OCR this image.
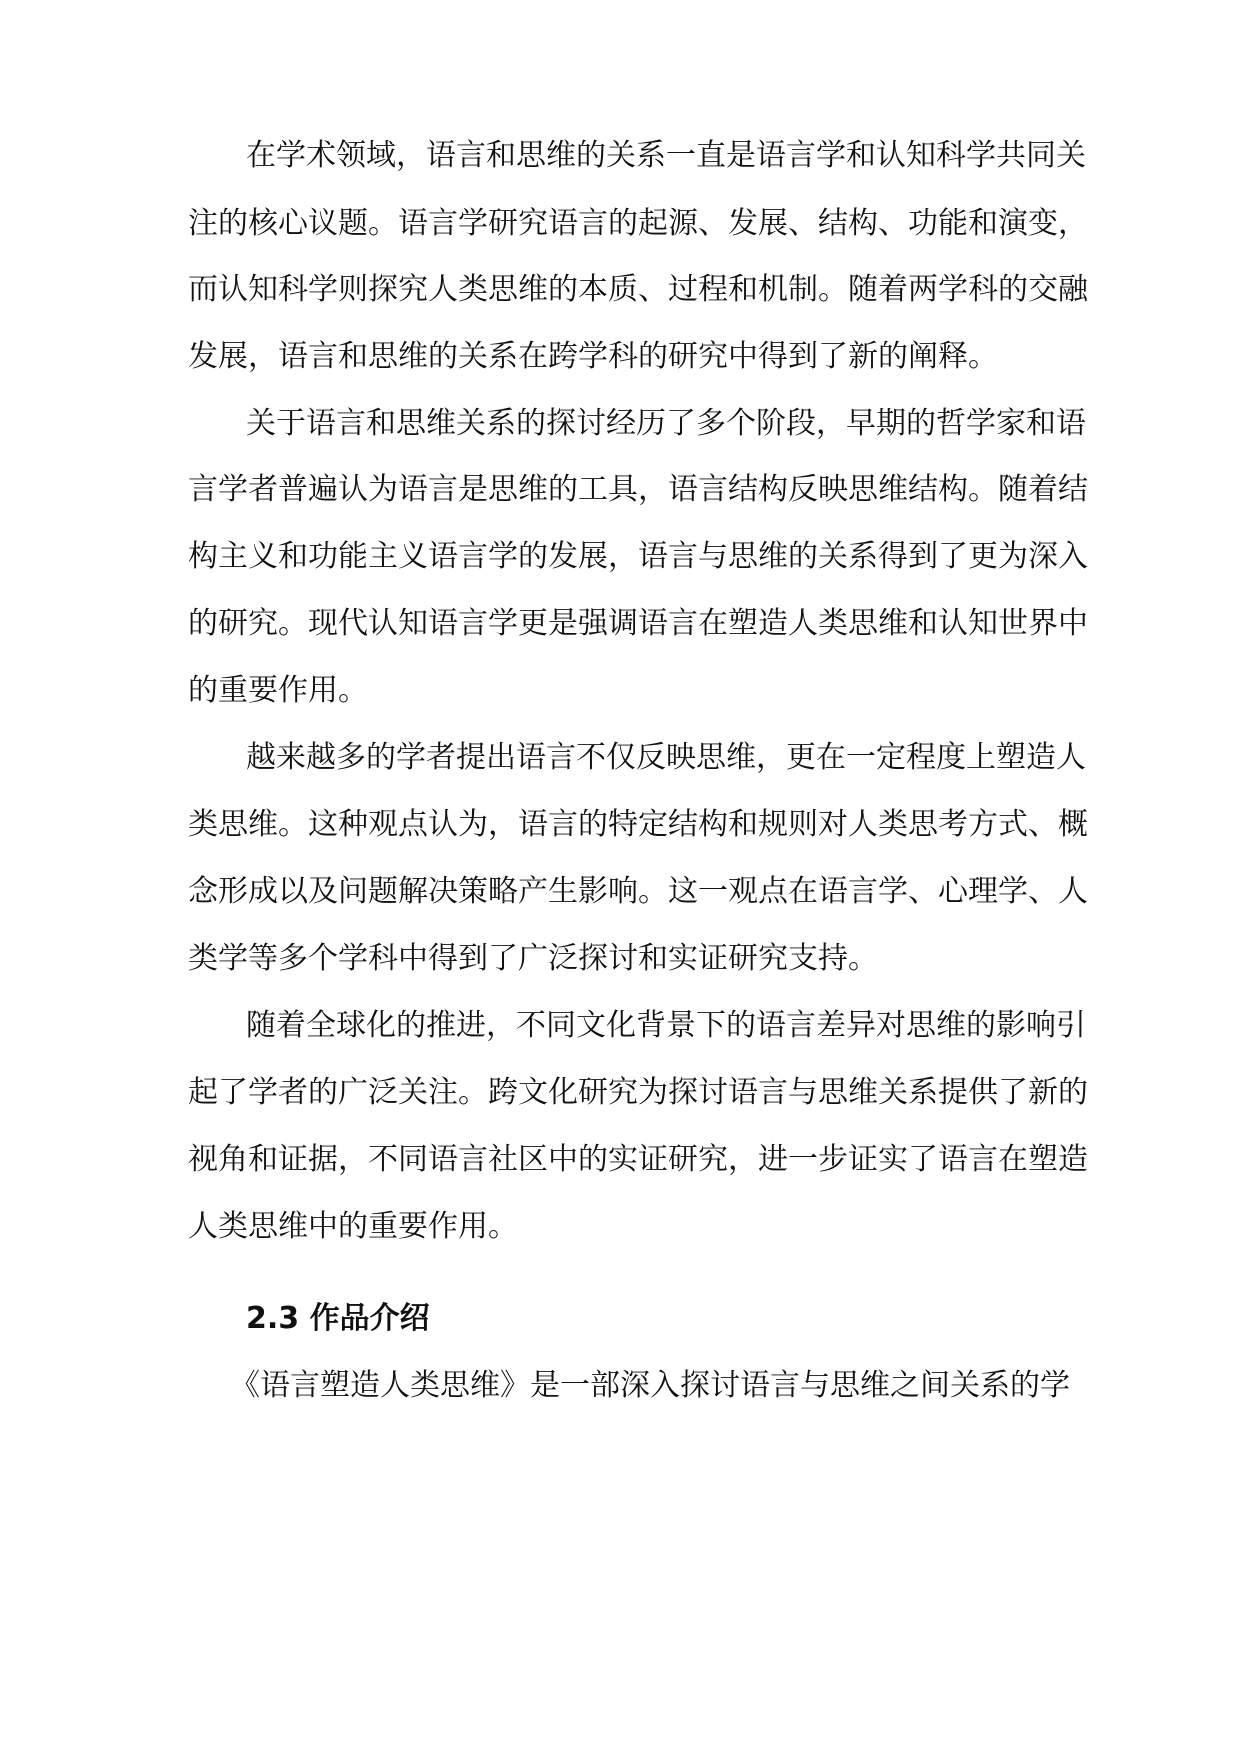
在学术领域，语言和思维的关系一直是语言学和认知科学共同关
注的核心议题。语言学研究语言的起源、发展、结构、功能和演变，
而认知科学则探究人类思维的本质、过程和机制。随着两学科的交融
发展，语言和思维的关系在跨学科的研究中得到了新的阐释。
关于语言和思维关系的探讨经历了多个阶段，早期的哲学家和语
言学者普遍认为语言是思维的工具，语言结构反映思维结构。随着结
构主义和功能主义语言学的发展，语言与思维的关系得到了更为深入
的研究。现代认知语言学更是强调语言在塑造人类思维和认知世界中
的重要作用。
越来越多的学者提出语言不仅反映思维，更在一定程度上塑造人
类思维。这种观点认为，语言的特定结构和规则对人类思考方式、概
念形成以及问题解决策略产生影响。这一观点在语言学、心理学、人
类学等多个学科中得到了广泛探讨和实证研究支持。
随着全球化的推进，不同文化背景下的语言差异对思维的影响引
起了学者的广泛关注。跨文化研究为探讨语言与思维关系提供了新的
视角和证据，不同语言社区中的实证研究，进一步证实了语言在塑造
人类思维中的重要作用。
2.3 作品介绍
《语言塑造人类思维》是一部深入探讨语言与思维之间关系的学
